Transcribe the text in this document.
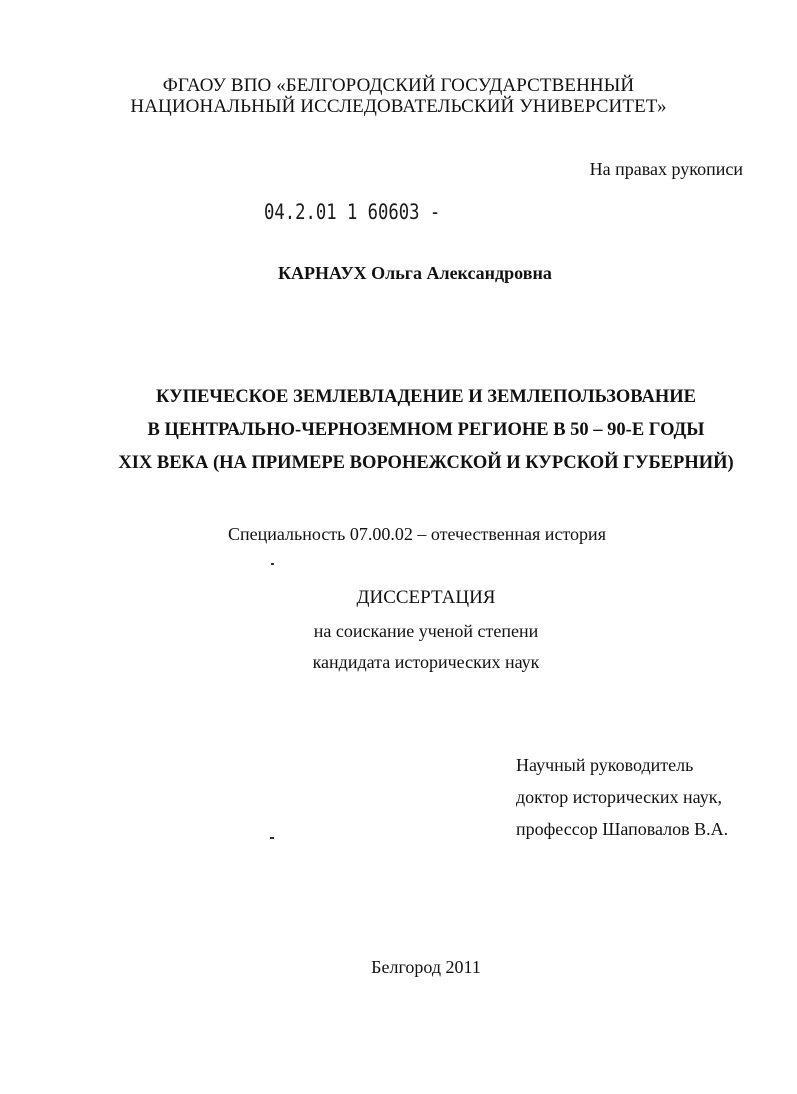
ФГАОУ ВПО «БЕЛГОРОДСКИЙ ГОСУДАРСТВЕННЫЙ
НАЦИОНАЛЬНЫЙ ИССЛЕДОВАТЕЛЬСКИЙ УНИВЕРСИТЕТ»
На правах рукописи
04.2.01 1 60603 -
КАРНАУХ Ольга Александровна
КУПЕЧЕСКОЕ ЗЕМЛЕВЛАДЕНИЕ И ЗЕМЛЕПОЛЬЗОВАНИЕ
В ЦЕНТРАЛЬНО-ЧЕРНОЗЕМНОМ РЕГИОНЕ В 50 – 90-Е ГОДЫ
XIX ВЕКА (НА ПРИМЕРЕ ВОРОНЕЖСКОЙ И КУРСКОЙ ГУБЕРНИЙ)
Специальность 07.00.02 – отечественная история
ДИССЕРТАЦИЯ
на соискание ученой степени
кандидата исторических наук
Научный руководитель
доктор исторических наук,
профессор Шаповалов В.А.
Белгород 2011
